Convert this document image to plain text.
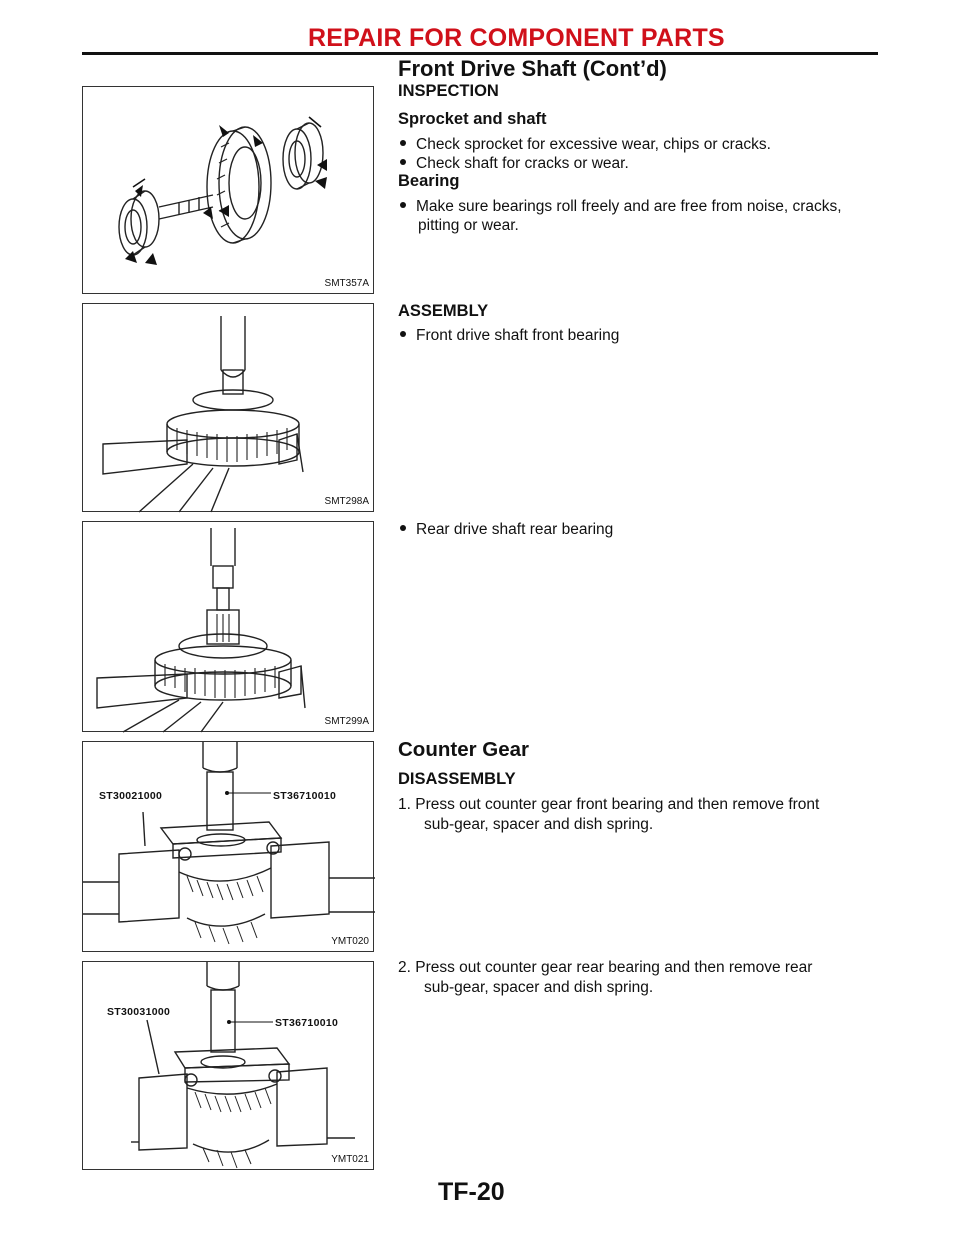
REPAIR FOR COMPONENT PARTS
Front Drive Shaft (Cont’d)
SMT357A
SMT298A
SMT299A
ST30021000	ST36710010
YMT020
ST30031000
ST36710010
YMT021
INSPECTION
Sprocket and shaft
Check sprocket for excessive wear, chips or cracks.
Check shaft for cracks or wear.
Bearing
Make sure bearings roll freely and are free from noise, cracks,
pitting or wear.
ASSEMBLY
Front drive shaft front bearing
Rear drive shaft rear bearing
Counter Gear
DISASSEMBLY
1. Press out counter gear front bearing and then remove front
sub-gear, spacer and dish spring.
2. Press out counter gear rear bearing and then remove rear
sub-gear, spacer and dish spring.
TF-20
